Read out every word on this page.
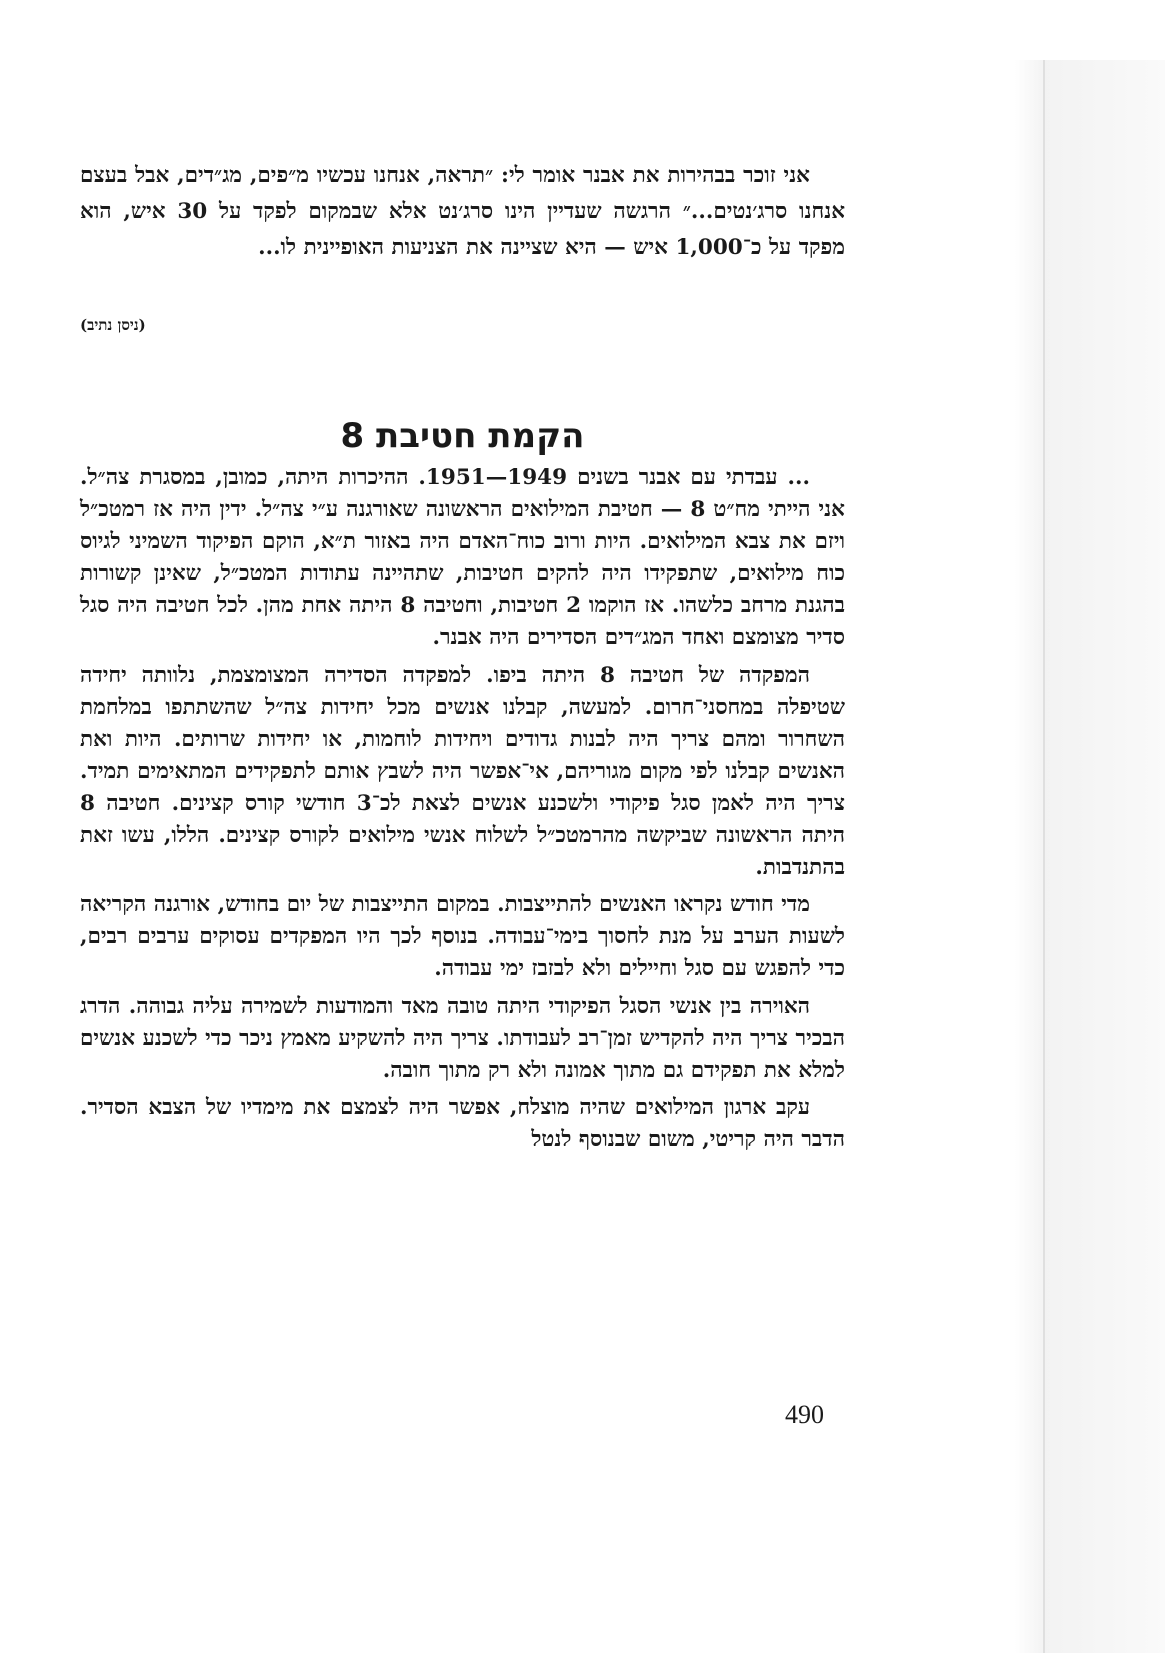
אני זוכר בבהירות את אבנר אומר לי: ״תראה, אנחנו עכשיו מ״פים, מג״דים, אבל בעצם אנחנו סרג׳נטים...״ הרגשה שעדיין הינו סרג׳נט אלא שבמקום לפקד על 30 איש, הוא מפקד על כ־1,000 איש — היא שציינה את הצניעות האופיינית לו...

(ניסן נתיב)
הקמת חטיבת 8

... עבדתי עם אבנר בשנים 1949—1951. ההיכרות היתה, כמובן, במסגרת צה״ל. אני הייתי מח״ט 8 — חטיבת המילואים הראשונה שאורגנה ע״י צה״ל. ידין היה אז רמטכ״ל ויזם את צבא המילואים. היות ורוב כוח־האדם היה באזור ת״א, הוקם הפיקוד השמיני לגיוס כוח מילואים, שתפקידו היה להקים חטיבות, שתהיינה עתודות המטכ״ל, שאינן קשורות בהגנת מרחב כלשהו. אז הוקמו 2 חטיבות, וחטיבה 8 היתה אחת מהן. לכל חטיבה היה סגל סדיר מצומצם ואחד המג״דים הסדירים היה אבנר.

המפקדה של חטיבה 8 היתה ביפו. למפקדה הסדירה המצומצמת, נלוותה יחידה שטיפלה במחסני־חרום. למעשה, קבלנו אנשים מכל יחידות צה״ל שהשתתפו במלחמת השחרור ומהם צריך היה לבנות גדודים ויחידות לוחמות, או יחידות שרותים. היות ואת האנשים קבלנו לפי מקום מגוריהם, אי־אפשר היה לשבץ אותם לתפקידים המתאימים תמיד. צריך היה לאמן סגל פיקודי ולשכנע אנשים לצאת לכ־3 חודשי קורס קצינים. חטיבה 8 היתה הראשונה שביקשה מהרמטכ״ל לשלוח אנשי מילואים לקורס קצינים. הללו, עשו זאת בהתנדבות.

מדי חודש נקראו האנשים להתייצבות. במקום התייצבות של יום בחודש, אורגנה הקריאה לשעות הערב על מנת לחסוך בימי־עבודה. בנוסף לכך היו המפקדים עסוקים ערבים רבים, כדי להפגש עם סגל וחיילים ולא לבזבז ימי עבודה.

האוירה בין אנשי הסגל הפיקודי היתה טובה מאד והמודעות לשמירה עליה גבוהה. הדרג הבכיר צריך היה להקדיש זמן־רב לעבודתו. צריך היה להשקיע מאמץ ניכר כדי לשכנע אנשים למלא את תפקידם גם מתוך אמונה ולא רק מתוך חובה.

עקב ארגון המילואים שהיה מוצלח, אפשר היה לצמצם את מימדיו של הצבא הסדיר. הדבר היה קריטי, משום שבנוסף לנטל

490
